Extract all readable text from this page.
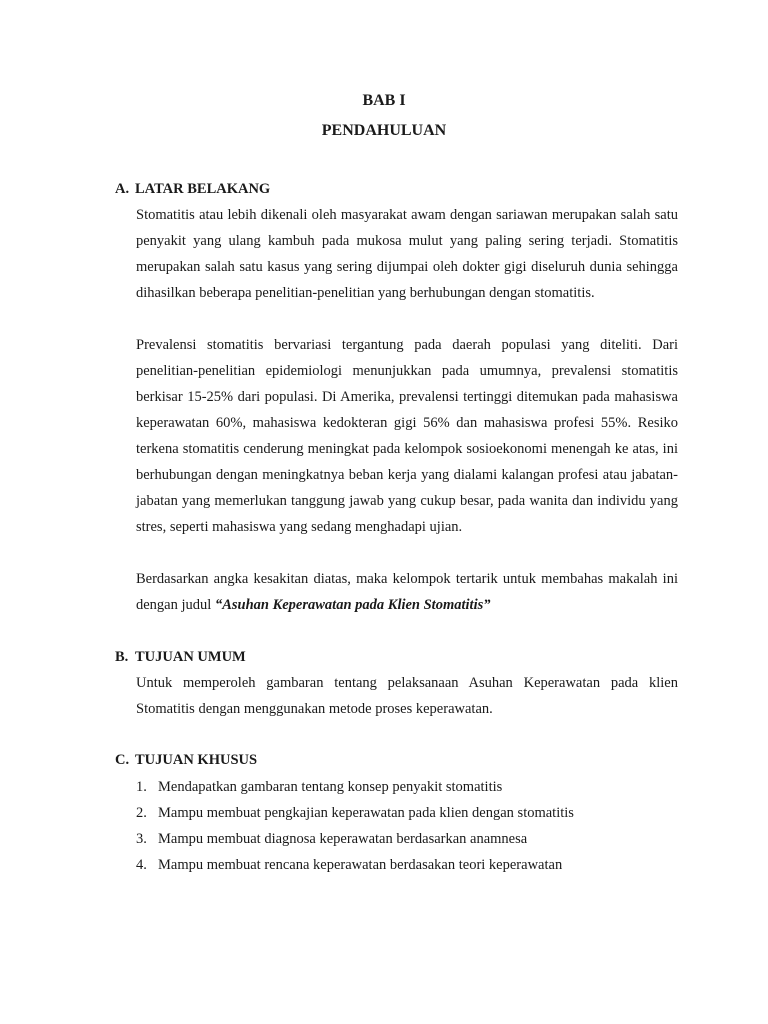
BAB I
PENDAHULUAN
A. LATAR BELAKANG

Stomatitis atau lebih dikenali oleh masyarakat awam dengan sariawan merupakan salah satu penyakit yang ulang kambuh pada mukosa mulut yang paling sering terjadi. Stomatitis merupakan salah satu kasus yang sering dijumpai oleh dokter gigi diseluruh dunia sehingga dihasilkan beberapa penelitian-penelitian yang berhubungan dengan stomatitis.

Prevalensi stomatitis bervariasi tergantung pada daerah populasi yang diteliti. Dari penelitian-penelitian epidemiologi menunjukkan pada umumnya, prevalensi stomatitis berkisar 15-25% dari populasi. Di Amerika, prevalensi tertinggi ditemukan pada mahasiswa keperawatan 60%, mahasiswa kedokteran gigi 56% dan mahasiswa profesi 55%. Resiko terkena stomatitis cenderung meningkat pada kelompok sosioekonomi menengah ke atas, ini berhubungan dengan meningkatnya beban kerja yang dialami kalangan profesi atau jabatan-jabatan yang memerlukan tanggung jawab yang cukup besar, pada wanita dan individu yang stres, seperti mahasiswa yang sedang menghadapi ujian.

Berdasarkan angka kesakitan diatas, maka kelompok tertarik untuk membahas makalah ini dengan judul “Asuhan Keperawatan pada Klien Stomatitis”

B. TUJUAN UMUM

Untuk memperoleh gambaran tentang pelaksanaan Asuhan Keperawatan pada klien Stomatitis dengan menggunakan metode proses keperawatan.

C. TUJUAN KHUSUS
1. Mendapatkan gambaran tentang konsep penyakit stomatitis
2. Mampu membuat pengkajian keperawatan pada klien dengan stomatitis
3. Mampu membuat diagnosa keperawatan berdasarkan anamnesa
4. Mampu membuat rencana keperawatan berdasakan teori keperawatan
